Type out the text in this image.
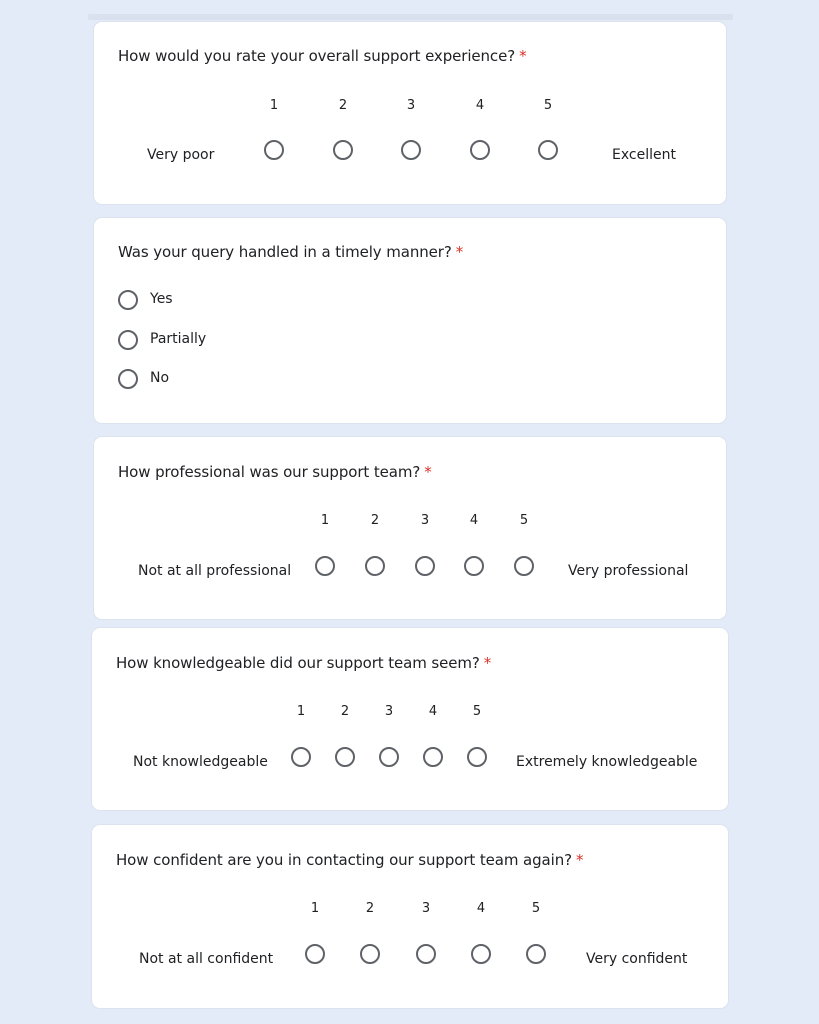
How would you rate your overall support experience? *
1	2	3	4	5
Very poor	Excellent
Was your query handled in a timely manner? *
Yes
Partially
No
How professional was our support team? *
1	2	3	4	5
Not at all professional	Very professional
How knowledgeable did our support team seem? *
1	2	3	4	5
Not knowledgeable	Extremely knowledgeable
How confident are you in contacting our support team again? *
1	2	3	4	5
Not at all confident	Very confident
